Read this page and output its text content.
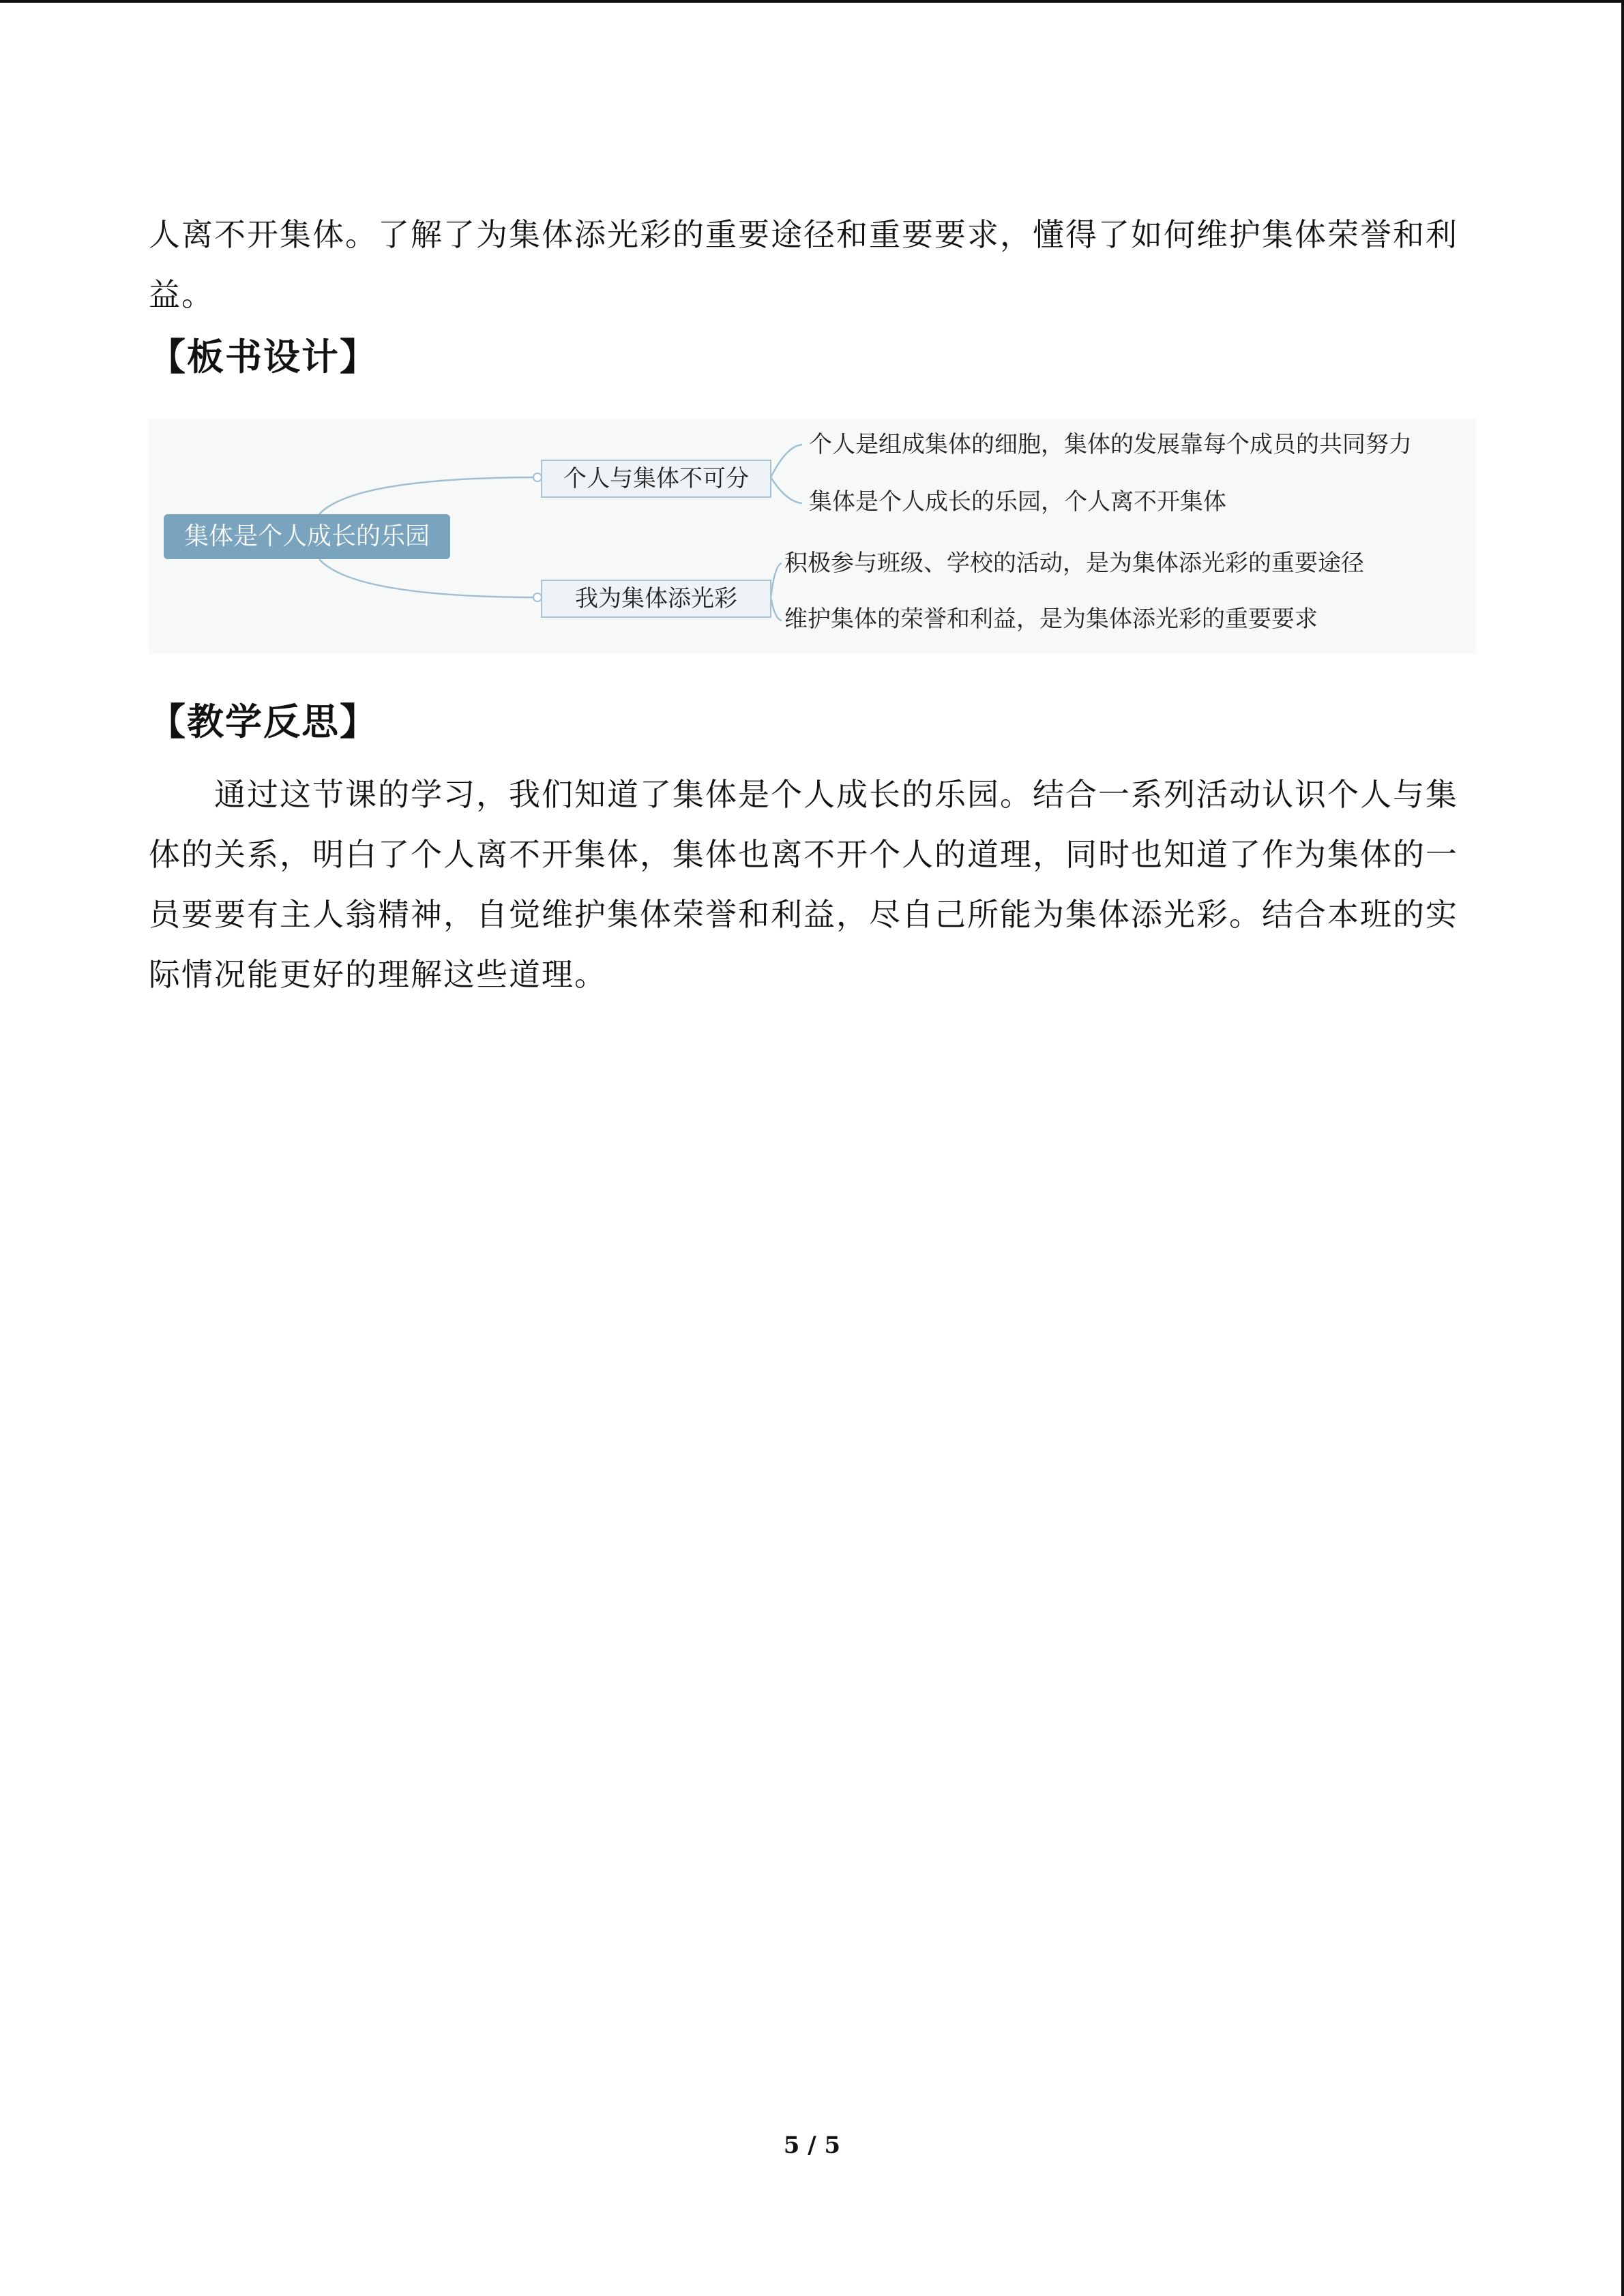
人离不开集体。了解了为集体添光彩的重要途径和重要要求，懂得了如何维护集体荣誉和利益。

【板书设计】
集体是个人成长的乐园
个人与集体不可分
我为集体添光彩
个人是组成集体的细胞，集体的发展靠每个成员的共同努力
集体是个人成长的乐园，个人离不开集体
积极参与班级、学校的活动，是为集体添光彩的重要途径
维护集体的荣誉和利益，是为集体添光彩的重要要求
【教学反思】

通过这节课的学习，我们知道了集体是个人成长的乐园。结合一系列活动认识个人与集体的关系，明白了个人离不开集体，集体也离不开个人的道理，同时也知道了作为集体的一员要要有主人翁精神，自觉维护集体荣誉和利益，尽自己所能为集体添光彩。结合本班的实际情况能更好的理解这些道理。

5 / 5
